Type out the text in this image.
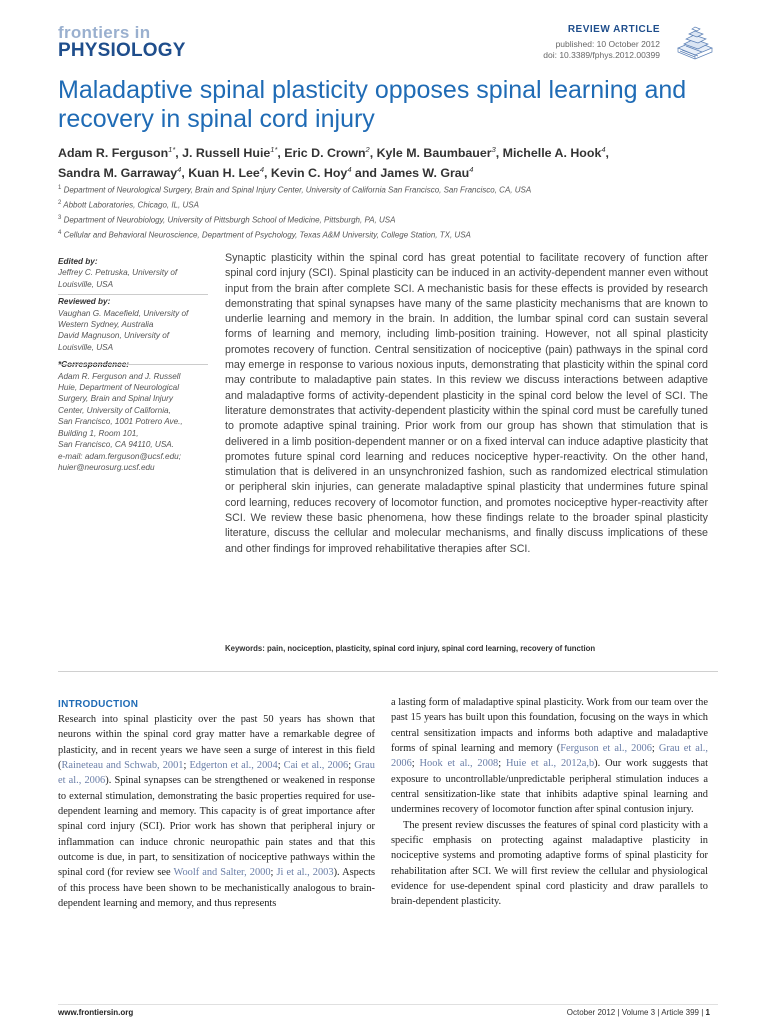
frontiers in
PHYSIOLOGY
REVIEW ARTICLE
published: 10 October 2012
doi: 10.3389/fphys.2012.00399
Maladaptive spinal plasticity opposes spinal learning and recovery in spinal cord injury
Adam R. Ferguson$^{1*}$, J. Russell Huie$^{1*}$, Eric D. Crown$^2$, Kyle M. Baumbauer$^3$, Michelle A. Hook$^4$,
Sandra M. Garraway$^4$, Kuan H. Lee$^4$, Kevin C. Hoy$^4$ and James W. Grau$^4$
$^1$ Department of Neurological Surgery, Brain and Spinal Injury Center, University of California San Francisco, San Francisco, CA, USA
$^2$ Abbott Laboratories, Chicago, IL, USA
$^3$ Department of Neurobiology, University of Pittsburgh School of Medicine, Pittsburgh, PA, USA
$^4$ Cellular and Behavioral Neuroscience, Department of Psychology, Texas A&M University, College Station, TX, USA
Edited by:
Jeffrey C. Petruska, University of
Louisville, USA
Reviewed by:
Vaughan G. Macefield, University of
Western Sydney, Australia
David Magnuson, University of
Louisville, USA
Adam R. Ferguson and J. Russell
Huie, Department of Neurological
Surgery, Brain and Spinal Injury
Center, University of California,
San Francisco, 1001 Potrero Ave.,
Building 1, Room 101,
San Francisco, CA 94110, USA.
e-mail: adam.ferguson@ucsf.edu;
huier@neurosurg.ucsf.edu
Synaptic plasticity within the spinal cord has great potential to facilitate recovery of function after spinal cord injury (SCI). Spinal plasticity can be induced in an activity-dependent manner even without input from the brain after complete SCI. A mechanistic basis for these effects is provided by research demonstrating that spinal synapses have many of the same plasticity mechanisms that are known to underlie learning and memory in the brain. In addition, the lumbar spinal cord can sustain several forms of learning and memory, including limb-position training. However, not all spinal plasticity promotes recovery of function. Central sensitization of nociceptive (pain) pathways in the spinal cord may emerge in response to various noxious inputs, demonstrating that plasticity within the spinal cord may contribute to maladaptive pain states. In this review we discuss interactions between adaptive and maladaptive forms of activity-dependent plasticity in the spinal cord below the level of SCI. The literature demonstrates that activity-dependent plasticity within the spinal cord must be carefully tuned to promote adaptive spinal training. Prior work from our group has shown that stimulation that is delivered in a limb position-dependent manner or on a fixed interval can induce adaptive plasticity that promotes future spinal cord learning and reduces nociceptive hyper-reactivity. On the other hand, stimulation that is delivered in an unsynchronized fashion, such as randomized electrical stimulation or peripheral skin injuries, can generate maladaptive spinal plasticity that undermines future spinal cord learning, reduces recovery of locomotor function, and promotes nociceptive hyper-reactivity after SCI. We review these basic phenomena, how these findings relate to the broader spinal plasticity literature, discuss the cellular and molecular mechanisms, and finally discuss implications of these and other findings for improved rehabilitative therapies after SCI.
Keywords: pain, nociception, plasticity, spinal cord injury, spinal cord learning, recovery of function
INTRODUCTION

Research into spinal plasticity over the past 50 years has shown that neurons within the spinal cord gray matter have a remarkable degree of plasticity, and in recent years we have seen a surge of interest in this field (Raineteau and Schwab, 2001; Edgerton et al., 2004; Cai et al., 2006; Grau et al., 2006). Spinal synapses can be strengthened or weakened in response to external stimulation, demonstrating the basic properties required for use-dependent learning and memory. This capacity is of great importance after spinal cord injury (SCI). Prior work has shown that peripheral injury or inflammation can induce chronic neuropathic pain states and that this outcome is due, in part, to sensitization of nociceptive pathways within the spinal cord (for review see Woolf and Salter, 2000; Ji et al., 2003). Aspects of this process have been shown to be mechanistically analogous to brain-dependent learning and memory, and thus represents

a lasting form of maladaptive spinal plasticity. Work from our team over the past 15 years has built upon this foundation, focusing on the ways in which central sensitization impacts and informs both adaptive and maladaptive forms of spinal learning and memory (Ferguson et al., 2006; Grau et al., 2006; Hook et al., 2008; Huie et al., 2012a,b). Our work suggests that exposure to uncontrollable/unpredictable peripheral stimulation induces a central sensitization-like state that inhibits adaptive spinal learning and undermines recovery of locomotor function after spinal contusion injury.

The present review discusses the features of spinal cord plasticity with a specific emphasis on protecting against maladaptive plasticity in nociceptive systems and promoting adaptive forms of spinal plasticity for rehabilitation after SCI. We will first review the cellular and physiological evidence for use-dependent spinal cord plasticity and draw parallels to brain-dependent plasticity.

www.frontiersin.org	October 2012 | Volume 3 | Article 399 | 1
